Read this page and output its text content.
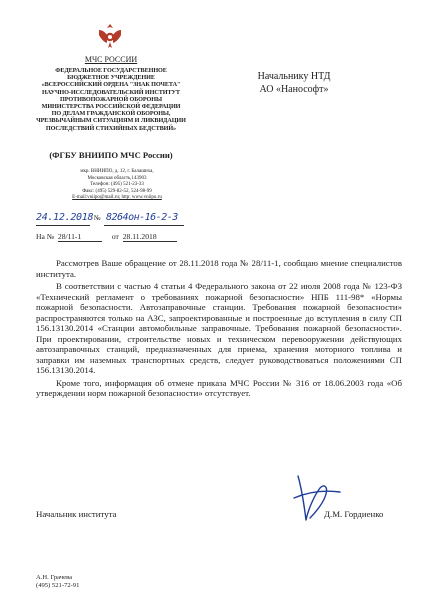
МЧС РОССИИ
ФЕДЕРАЛЬНОЕ ГОСУДАРСТВЕННОЕ
БЮДЖЕТНОЕ УЧРЕЖДЕНИЕ
«ВСЕРОССИЙСКИЙ ОРДЕНА "ЗНАК ПОЧЕТА"
НАУЧНО-ИССЛЕДОВАТЕЛЬСКИЙ ИНСТИТУТ
ПРОТИВОПОЖАРНОЙ ОБОРОНЫ
МИНИСТЕРСТВА РОССИЙСКОЙ ФЕДЕРАЦИИ
ПО ДЕЛАМ ГРАЖДАНСКОЙ ОБОРОНЫ,
ЧРЕЗВЫЧАЙНЫМ СИТУАЦИЯМ И ЛИКВИДАЦИИ
ПОСЛЕДСТВИЙ СТИХИЙНЫХ БЕДСТВИЙ»
(ФГБУ ВНИИПО МЧС России)
мкр. ВНИИПО, д. 12, г. Балашиха,
Московская область,143903
Телефон: (495) 521-23-33
Факс: (495) 529-82-52, 524-98-99
E-mail:vniipo@mail.ru; http: www.vniipo.ru
Начальнику НТД
АО «Нанософт»
24.12.2018 № 8264он-16-2-3
На № 28/11-1	от 28.11.2018

Рассмотрев Ваше обращение от 28.11.2018 года № 28/11-1, сообщаю мнение специалистов института.

В соответствии с частью 4 статьи 4 Федерального закона от 22 июля 2008 года № 123-ФЗ «Технический регламент о требованиях пожарной безопасности» НПБ 111-98* «Нормы пожарной безопасности. Автозаправочные станции. Требования пожарной безопасности» распространяются только на АЗС, запроектированные и построенные до вступления в силу СП 156.13130.2014 «Станции автомобильные заправочные. Требования пожарной безопасности». При проектировании, строительстве новых и техническом перевооружении действующих автозаправочных станций, предназначенных для приема, хранения моторного топлива и заправки им наземных транспортных средств, следует руководствоваться положениями СП 156.13130.2014.

Кроме того, информация об отмене приказа МЧС России № 316 от 18.06.2003 года «Об утверждении норм пожарной безопасности» отсутствует.

Начальник института	Д.М. Гордиенко
А.Н. Грачева
(495) 521-72-91
